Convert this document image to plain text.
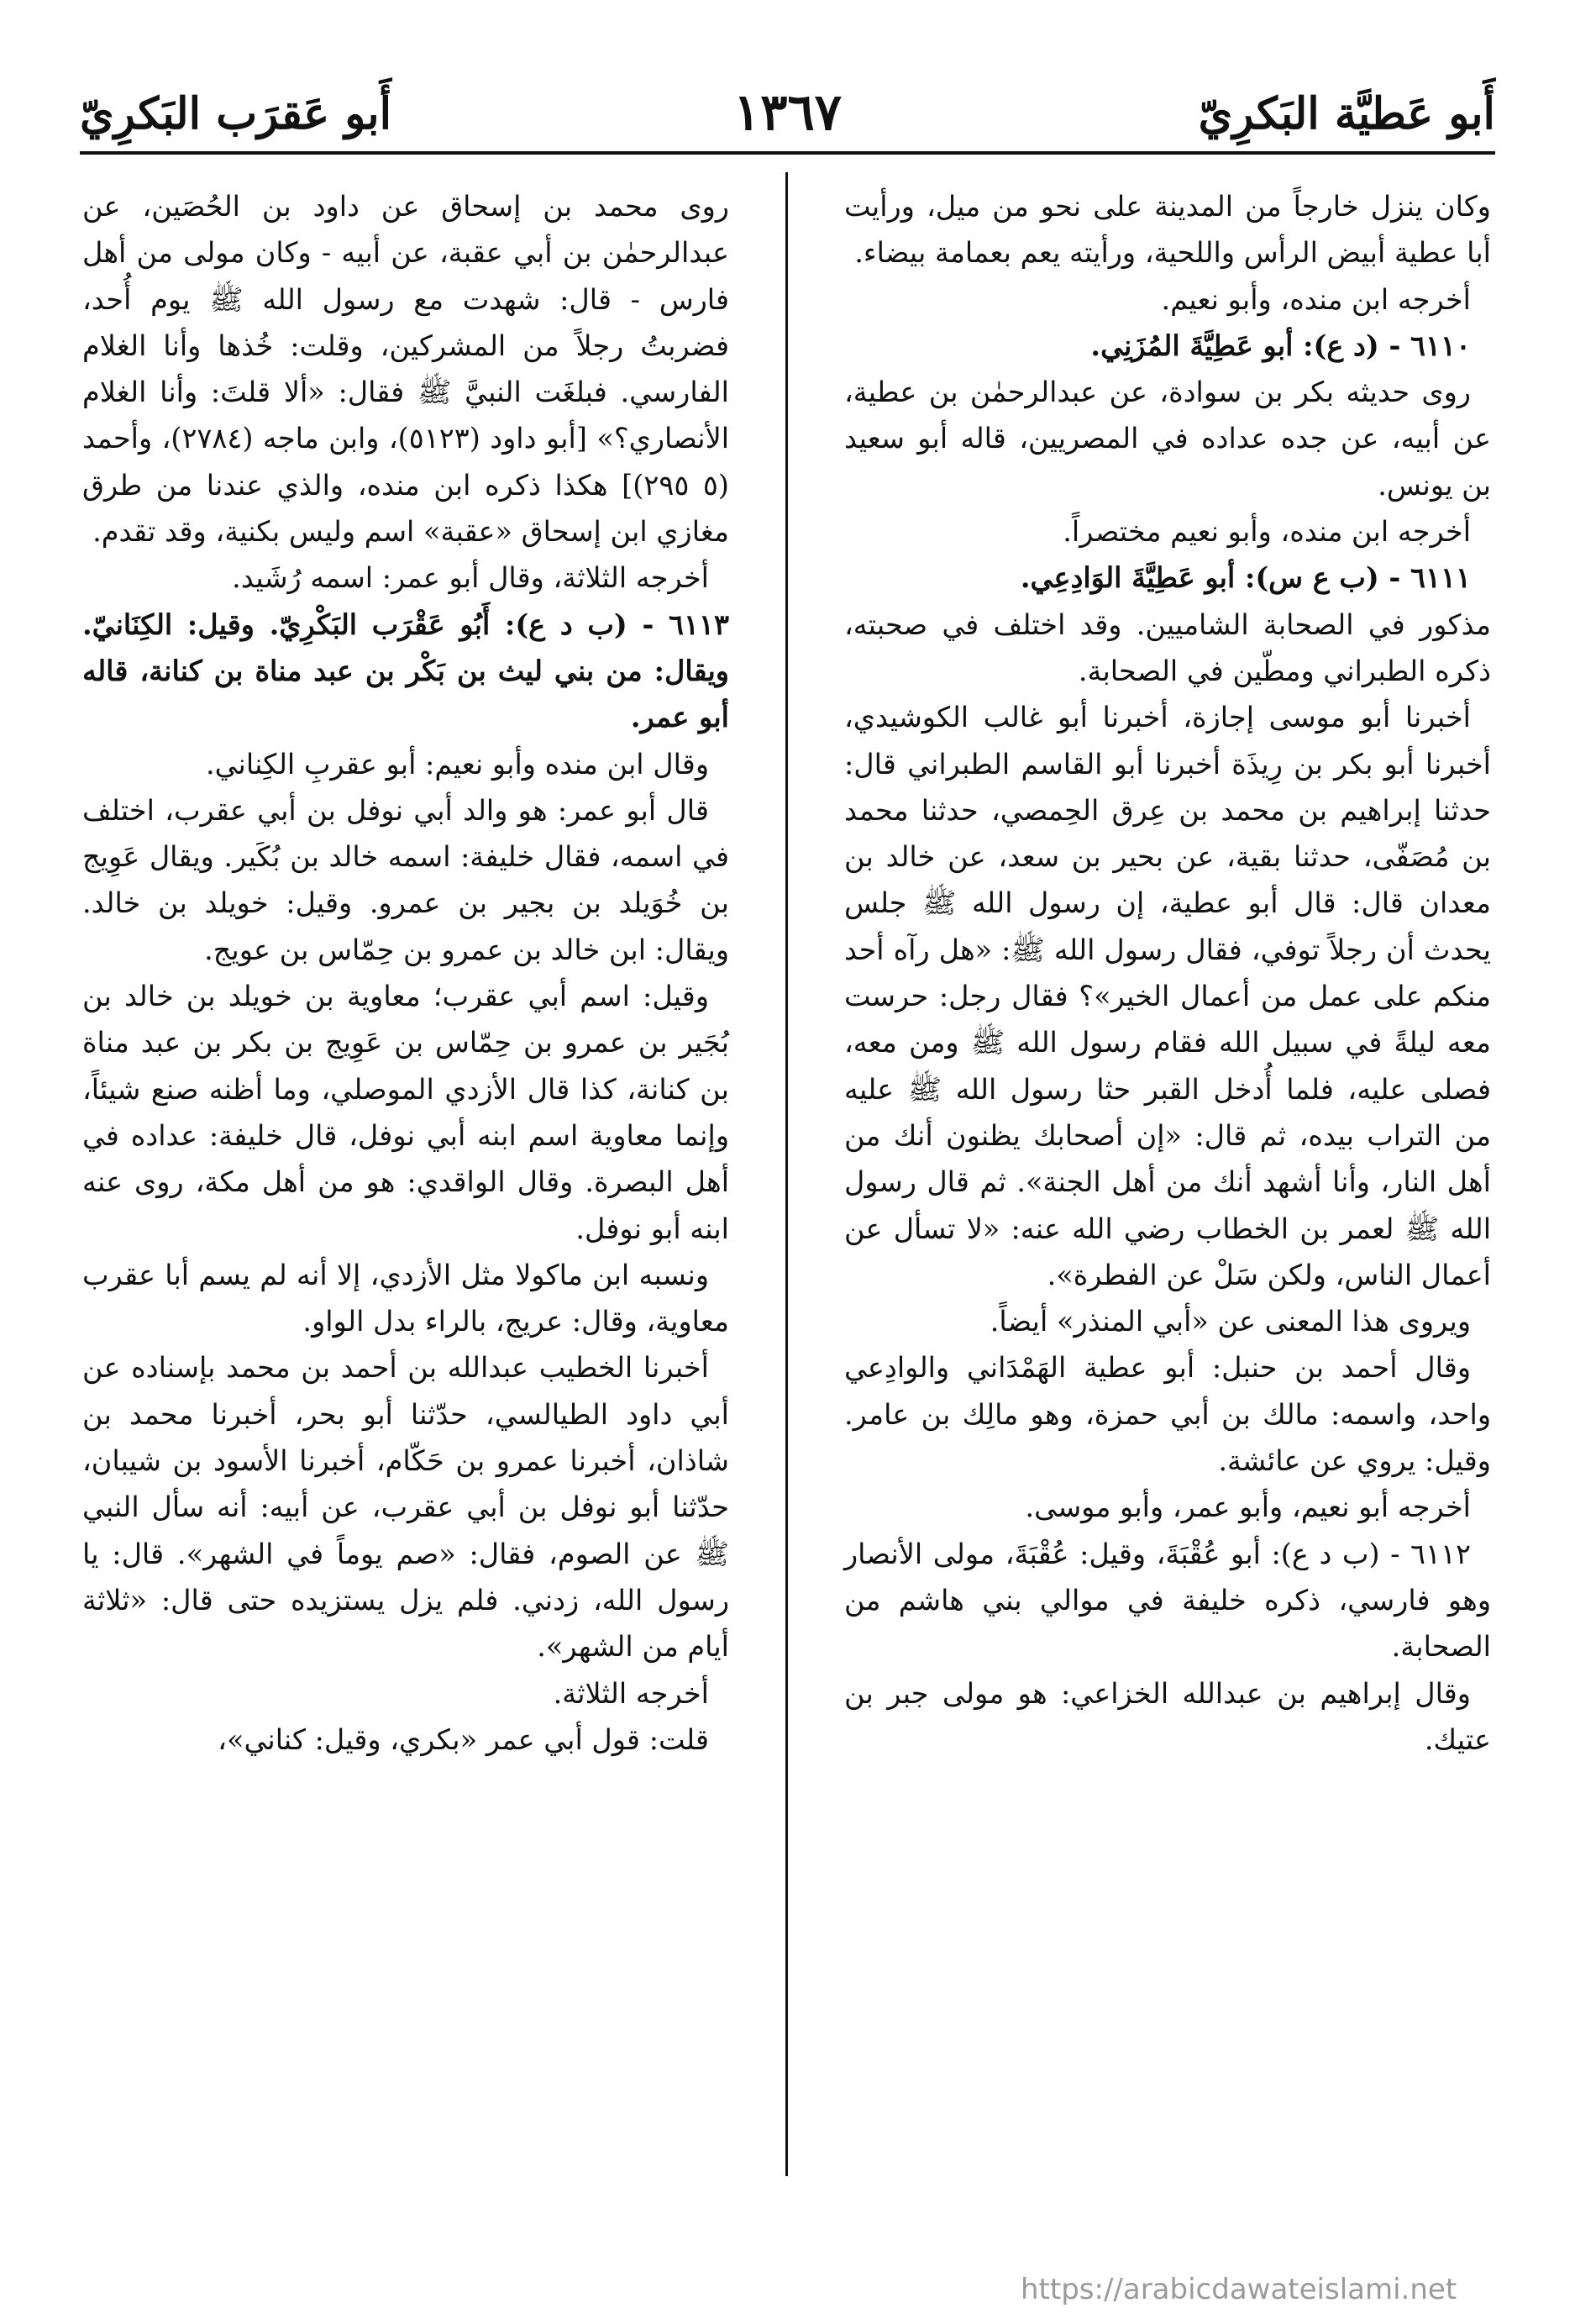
أَبو عَقرَب البَكرِيّ	١٣٦٧	أَبو عَطيَّة البَكرِيّ

وكان ينزل خارجاً من المدينة على نحو من ميل، ورأيت أبا عطية أبيض الرأس واللحية، ورأيته يعم بعمامة بيضاء.

أخرجه ابن منده، وأبو نعيم.

٦١١٠ - (د ع): أبو عَطِيَّةَ المُزَنِي.

روى حديثه بكر بن سوادة، عن عبدالرحمٰن بن عطية، عن أبيه، عن جده عداده في المصريين، قاله أبو سعيد بن يونس.

أخرجه ابن منده، وأبو نعيم مختصراً.

٦١١١ - (ب ع س): أبو عَطِيَّةَ الوَادِعِي.

مذكور في الصحابة الشاميين. وقد اختلف في صحبته، ذكره الطبراني ومطّين في الصحابة.

أخبرنا أبو موسى إجازة، أخبرنا أبو غالب الكوشيدي، أخبرنا أبو بكر بن رِيذَة أخبرنا أبو القاسم الطبراني قال: حدثنا إبراهيم بن محمد بن عِرق الحِمصي، حدثنا محمد بن مُصَفّى، حدثنا بقية، عن بحير بن سعد، عن خالد بن معدان قال: قال أبو عطية، إن رسول الله ﷺ جلس يحدث أن رجلاً توفي، فقال رسول الله ﷺ: «هل رآه أحد منكم على عمل من أعمال الخير»؟ فقال رجل: حرست معه ليلةً في سبيل الله فقام رسول الله ﷺ ومن معه، فصلى عليه، فلما أُدخل القبر حثا رسول الله ﷺ عليه من التراب بيده، ثم قال: «إن أصحابك يظنون أنك من أهل النار، وأنا أشهد أنك من أهل الجنة». ثم قال رسول الله ﷺ لعمر بن الخطاب رضي الله عنه: «لا تسأل عن أعمال الناس، ولكن سَلْ عن الفطرة».

ويروى هذا المعنى عن «أبي المنذر» أيضاً.

وقال أحمد بن حنبل: أبو عطية الهَمْدَاني والوادِعي واحد، واسمه: مالك بن أبي حمزة، وهو مالِك بن عامر. وقيل: يروي عن عائشة.

أخرجه أبو نعيم، وأبو عمر، وأبو موسى.

٦١١٢ - (ب د ع): أبو عُقْبَةَ، وقيل: عُقْبَةَ، مولى الأنصار وهو فارسي، ذكره خليفة في موالي بني هاشم من الصحابة.

وقال إبراهيم بن عبدالله الخزاعي: هو مولى جبر بن عتيك.

روى محمد بن إسحاق عن داود بن الحُصَين، عن عبدالرحمٰن بن أبي عقبة، عن أبيه - وكان مولى من أهل فارس - قال: شهدت مع رسول الله ﷺ يوم أُحد، فضربتُ رجلاً من المشركين، وقلت: خُذها وأنا الغلام الفارسي. فبلغَت النبيَّ ﷺ فقال: «ألا قلتَ: وأنا الغلام الأنصاري؟» [أبو داود (٥١٢٣)، وابن ماجه (٢٧٨٤)، وأحمد (٥ ٢٩٥)] هكذا ذكره ابن منده، والذي عندنا من طرق مغازي ابن إسحاق «عقبة» اسم وليس بكنية، وقد تقدم.

أخرجه الثلاثة، وقال أبو عمر: اسمه رُشَيد.

٦١١٣ - (ب د ع): أَبُو عَقْرَب البَكْرِيّ. وقيل: الكِنَانيّ. ويقال: من بني ليث بن بَكْر بن عبد مناة بن كنانة، قاله أبو عمر.

وقال ابن منده وأبو نعيم: أبو عقربِ الكِناني.

قال أبو عمر: هو والد أبي نوفل بن أبي عقرب، اختلف في اسمه، فقال خليفة: اسمه خالد بن بُكَير. ويقال عَوِيج بن خُوَيلد بن بجير بن عمرو. وقيل: خويلد بن خالد. ويقال: ابن خالد بن عمرو بن حِمّاس بن عويج.

وقيل: اسم أبي عقرب؛ معاوية بن خويلد بن خالد بن بُجَير بن عمرو بن حِمّاس بن عَوِيج بن بكر بن عبد مناة بن كنانة، كذا قال الأزدي الموصلي، وما أظنه صنع شيئاً، وإنما معاوية اسم ابنه أبي نوفل، قال خليفة: عداده في أهل البصرة. وقال الواقدي: هو من أهل مكة، روى عنه ابنه أبو نوفل.

ونسبه ابن ماكولا مثل الأزدي، إلا أنه لم يسم أبا عقرب معاوية، وقال: عريج، بالراء بدل الواو.

أخبرنا الخطيب عبدالله بن أحمد بن محمد بإسناده عن أبي داود الطيالسي، حدّثنا أبو بحر، أخبرنا محمد بن شاذان، أخبرنا عمرو بن حَكّام، أخبرنا الأسود بن شيبان، حدّثنا أبو نوفل بن أبي عقرب، عن أبيه: أنه سأل النبي ﷺ عن الصوم، فقال: «صم يوماً في الشهر». قال: يا رسول الله، زدني. فلم يزل يستزيده حتى قال: «ثلاثة أيام من الشهر».

أخرجه الثلاثة.

قلت: قول أبي عمر «بكري، وقيل: كناني»،

https://arabicdawateislami.net
